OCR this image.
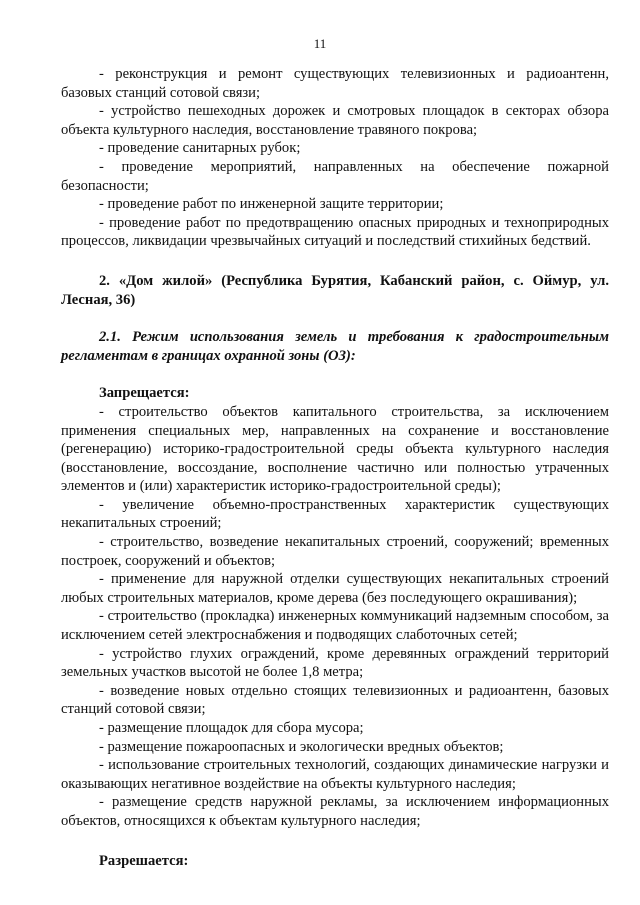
11

- реконструкция и ремонт существующих телевизионных и радиоантенн, базовых станций сотовой связи;

- устройство пешеходных дорожек и смотровых площадок в секторах обзора объекта культурного наследия, восстановление травяного покрова;

- проведение санитарных рубок;

- проведение мероприятий, направленных на обеспечение пожарной безопасности;

- проведение работ по инженерной защите территории;

- проведение работ по предотвращению опасных природных и технoприродных процессов, ликвидации чрезвычайных ситуаций и последствий стихийных бедствий.

2. «Дом жилой» (Республика Бурятия, Кабанский район, с. Оймур, ул. Лесная, 36)

2.1. Режим использования земель и требования к градостроительным регламентам в границах охранной зоны (ОЗ):

Запрещается:

- строительство объектов капитального строительства, за исключением применения специальных мер, направленных на сохранение и восстановление (регенерацию) историко-градостроительной среды объекта культурного наследия (восстановление, воссоздание, восполнение частично или полностью утраченных элементов и (или) характеристик историко-градостроительной среды);

- увеличение объемно-пространственных характеристик существующих некапитальных строений;

- строительство, возведение некапитальных строений, сооружений; временных построек, сооружений и объектов;

- применение для наружной отделки существующих некапитальных строений любых строительных материалов, кроме дерева (без последующего окрашивания);

- строительство (прокладка) инженерных коммуникаций надземным способом, за исключением сетей электроснабжения и подводящих слаботочных сетей;

- устройство глухих ограждений, кроме деревянных ограждений территорий земельных участков высотой не более 1,8 метра;

- возведение новых отдельно стоящих телевизионных и радиоантенн, базовых станций сотовой связи;

- размещение площадок для сбора мусора;

- размещение пожароопасных и экологически вредных объектов;

- использование строительных технологий, создающих динамические нагрузки и оказывающих негативное воздействие на объекты культурного наследия;

- размещение средств наружной рекламы, за исключением информационных объектов, относящихся к объектам культурного наследия;

Разрешается:
